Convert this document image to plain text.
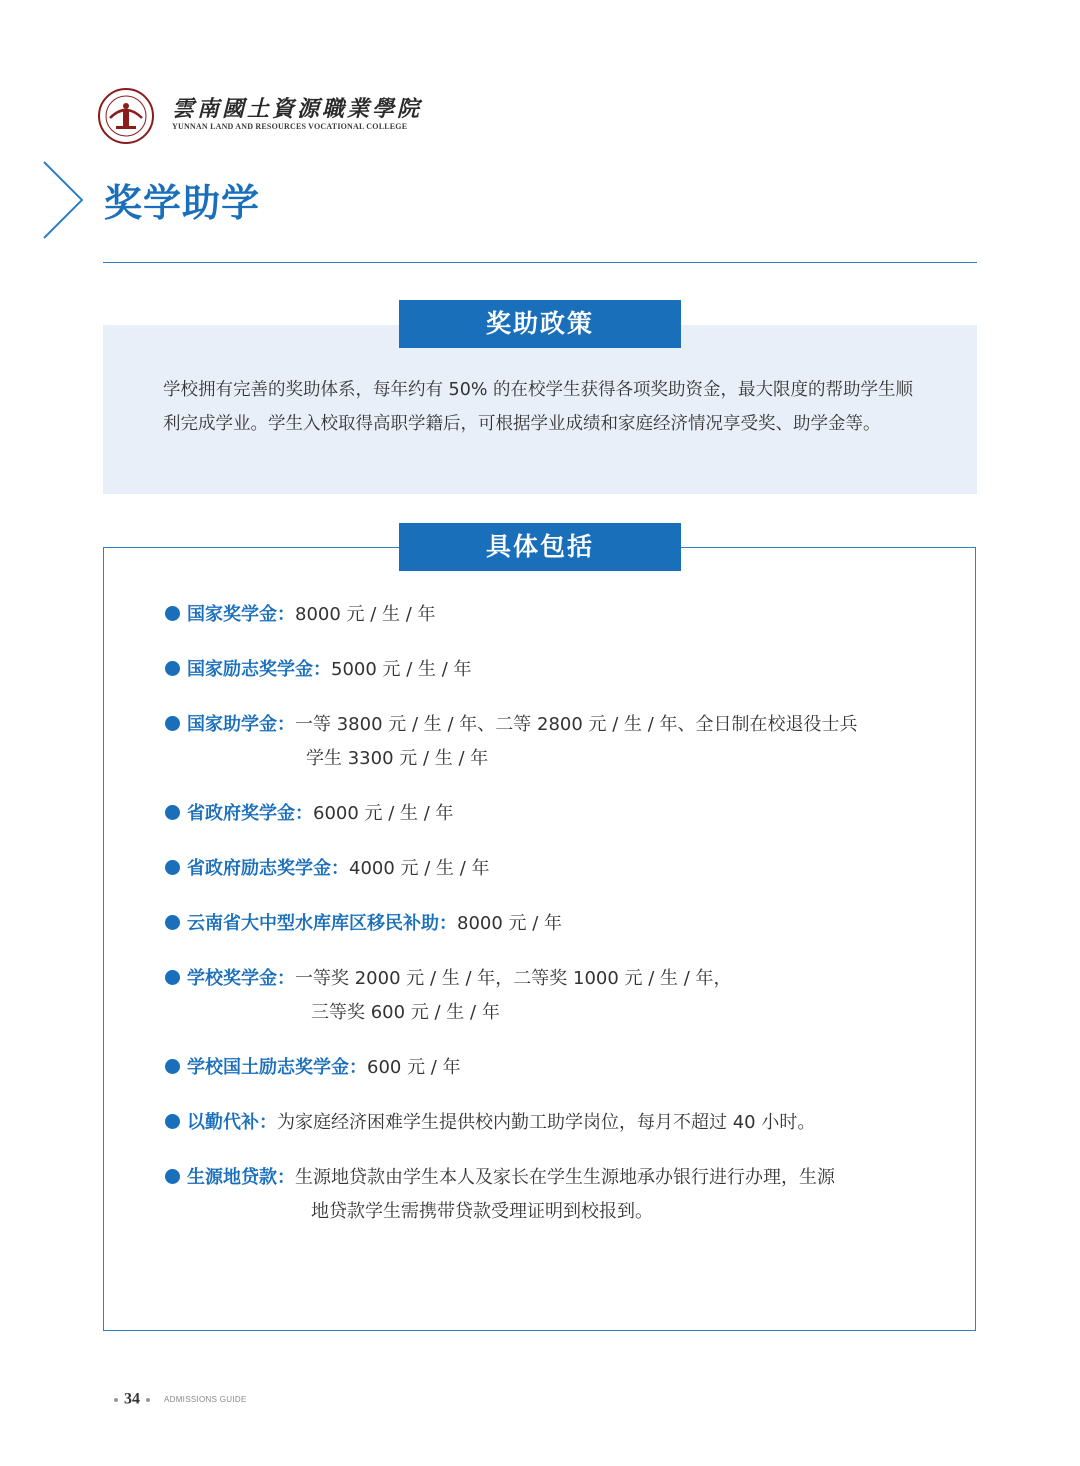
雲南國土資源職業學院
YUNNAN LAND AND RESOURCES VOCATIONAL COLLEGE
奖学助学
奖助政策
学校拥有完善的奖助体系，每年约有 50% 的在校学生获得各项奖助资金，最大限度的帮助学生顺利完成学业。学生入校取得高职学籍后，可根据学业成绩和家庭经济情况享受奖、助学金等。
具体包括
国家奖学金：8000 元 / 生 / 年
国家励志奖学金：5000 元 / 生 / 年
国家助学金：一等 3800 元 / 生 / 年、二等 2800 元 / 生 / 年、全日制在校退役士兵
学生 3300 元 / 生 / 年
省政府奖学金：6000 元 / 生 / 年
省政府励志奖学金：4000 元 / 生 / 年
云南省大中型水库库区移民补助：8000 元 / 年
学校奖学金：一等奖 2000 元 / 生 / 年，二等奖 1000 元 / 生 / 年，
三等奖 600 元 / 生 / 年
学校国土励志奖学金：600 元 / 年
以勤代补：为家庭经济困难学生提供校内勤工助学岗位，每月不超过 40 小时。
生源地贷款：生源地贷款由学生本人及家长在学生生源地承办银行进行办理，生源
地贷款学生需携带贷款受理证明到校报到。
34	ADMISSIONS GUIDE
